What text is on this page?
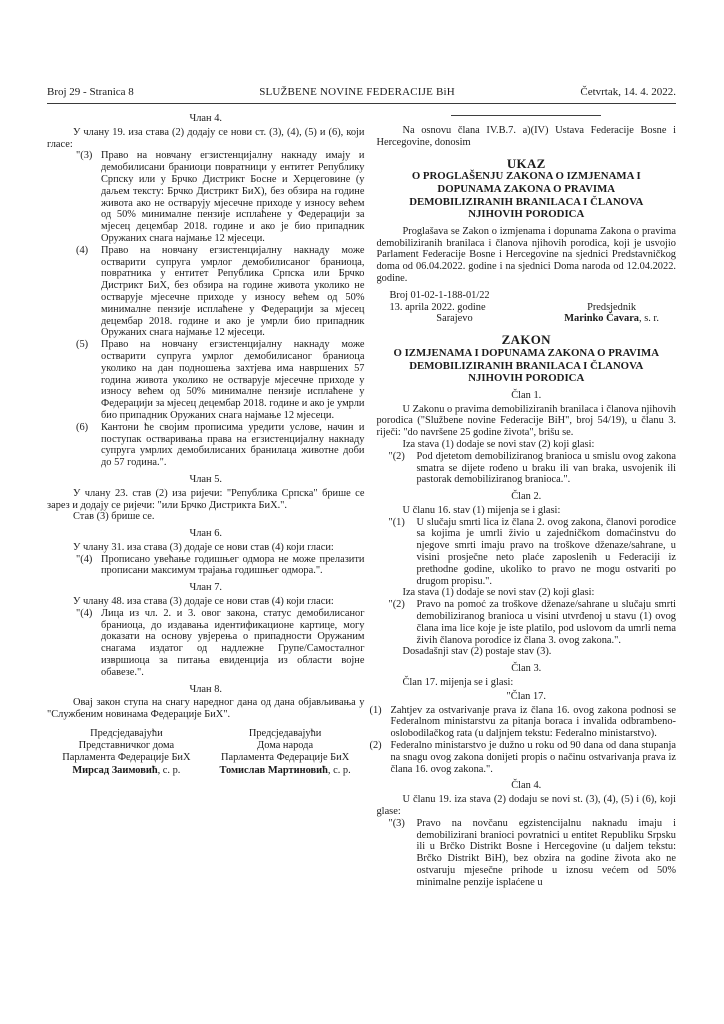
Broj 29 - Stranica 8	SLUŽBENE NOVINE FEDERACIJE BiH	Četvrtak, 14. 4. 2022.
Члан 4.
У члану 19. иза става (2) додају се нови ст. (3), (4), (5) и (6), који гласе:
"(3) Право на новчану егзистенцијалну накнаду имају и демобилисани браниоци повратници у ентитет Републику Српску или у Брчко Дистрикт Босне и Херцеговине (у даљем тексту: Брчко Дистрикт БиХ), без обзира на године живота ако не остварују мјесечне приходе у износу већем од 50% минималне пензије исплаћене у Федерацији за мјесец децембар 2018. године и ако је био припадник Оружаних снага најмање 12 мјесеци.
(4) Право на новчану егзистенцијалну накнаду може остварити супруга умрлог демобилисаног браниоца, повратника у ентитет Република Српска или Брчко Дистрикт БиХ, без обзира на године живота уколико не остварује мјесечне приходе у износу већем од 50% минималне пензије исплаћене у Федерацији за мјесец децембар 2018. године и ако је умрли био припадник Оружаних снага најмање 12 мјесеци.
(5) Право на новчану егзистенцијалну накнаду може остварити супруга умрлог демобилисаног браниоца уколико на дан подношења захтјева има навршених 57 година живота уколико не остварује мјесечне приходе у износу већем од 50% минималне пензије исплаћене у Федерацији за мјесец децембар 2018. године и ако је умрли био припадник Оружаних снага најмање 12 мјесеци.
(6) Кантони ће својим прописима уредити услове, начин и поступак остваривања права на егзистенцијалну накнаду супруга умрлих демобилисаних бранилаца животне доби до 57 година.".
Члан 5.
У члану 23. став (2) иза ријечи: "Република Српска" брише се зарез и додају се ријечи: "или Брчко Дистрикта БиХ.".
Став (3) брише се.
Члан 6.
У члану 31. иза става (3) додаје се нови став (4) који гласи:
"(4) Прописано увећање годишњег одмора не може прелазити прописани максимум трајања годишњег одмора.".
Члан 7.
У члану 48. иза става (3) додаје се нови став (4) који гласи:
"(4) Лица из чл. 2. и 3. овог закона, статус демобилисаног браниоца, до издавања идентификационе картице, могу доказати на основу увјерења о припадности Оружаним снагама издатог од надлежне Групе/Самосталног извршиоца за питања евиденција из области војне обавезе.".
Члан 8.
Овај закон ступа на снагу наредног дана од дана објављивања у "Службеним новинама Федерације БиХ".
Предсједавајући
Представничког дома
Парламента Федерације БиХ
Мирсад Заимовић, с. р.
Предсједавајући
Дома народа
Парламента Федерације БиХ
Томислав Мартиновић, с. р.
Na osnovu člana IV.B.7. a)(IV) Ustava Federacije Bosne i Hercegovine, donosim
UKAZ
O PROGLAŠENJU ZAKONA O IZMJENAMA I DOPUNAMA ZAKONA O PRAVIMA DEMOBILIZIRANIH BRANILACA I ČLANOVA NJIHOVIH PORODICA
Proglašava se Zakon o izmjenama i dopunama Zakona o pravima demobiliziranih branilaca i članova njihovih porodica, koji je usvojio Parlament Federacije Bosne i Hercegovine na sjednici Predstavničkog doma od 06.04.2022. godine i na sjednici Doma naroda od 12.04.2022. godine.
Broj 01-02-1-188-01/22
13. aprila 2022. godine
Sarajevo
Predsjednik
Marinko Čavara, s. r.
ZAKON
O IZMJENAMA I DOPUNAMA ZAKONA O PRAVIMA DEMOBILIZIRANIH BRANILACA I ČLANOVA NJIHOVIH PORODICA
Član 1.
U Zakonu o pravima demobiliziranih branilaca i članova njihovih porodica ("Službene novine Federacije BiH", broj 54/19), u članu 3. riječi: "do navršene 25 godine života", brišu se.
Iza stava (1) dodaje se novi stav (2) koji glasi:
"(2) Pod djetetom demobiliziranog branioca u smislu ovog zakona smatra se dijete rođeno u braku ili van braka, usvojenik ili pastorak demobiliziranog branioca.".
Član 2.
U članu 16. stav (1) mijenja se i glasi:
"(1) U slučaju smrti lica iz člana 2. ovog zakona, članovi porodice sa kojima je umrli živio u zajedničkom domaćinstvu do njegove smrti imaju pravo na troškove dženaze/sahrane, u visini prosječne neto plaće zaposlenih u Federaciji iz prethodne godine, ukoliko to pravo ne mogu ostvariti po drugom propisu.".
Iza stava (1) dodaje se novi stav (2) koji glasi:
"(2) Pravo na pomoć za troškove dženaze/sahrane u slučaju smrti demobiliziranog branioca u visini utvrđenoj u stavu (1) ovog člana ima lice koje je iste platilo, pod uslovom da umrli nema živih članova porodice iz člana 3. ovog zakona.".
Dosadašnji stav (2) postaje stav (3).
Član 3.
Član 17. mijenja se i glasi:
"Član 17.
(1) Zahtjev za ostvarivanje prava iz člana 16. ovog zakona podnosi se Federalnom ministarstvu za pitanja boraca i invalida odbrambeno-oslobodilačkog rata (u daljnjem tekstu: Federalno ministarstvo).
(2) Federalno ministarstvo je dužno u roku od 90 dana od dana stupanja na snagu ovog zakona donijeti propis o načinu ostvarivanja prava iz člana 16. ovog zakona.".
Član 4.
U članu 19. iza stava (2) dodaju se novi st. (3), (4), (5) i (6), koji glase:
"(3) Pravo na novčanu egzistencijalnu naknadu imaju i demobilizirani branioci povratnici u entitet Republiku Srpsku ili u Brčko Distrikt Bosne i Hercegovine (u daljem tekstu: Brčko Distrikt BiH), bez obzira na godine života ako ne ostvaruju mjesečne prihode u iznosu većem od 50% minimalne penzije isplaćene u
